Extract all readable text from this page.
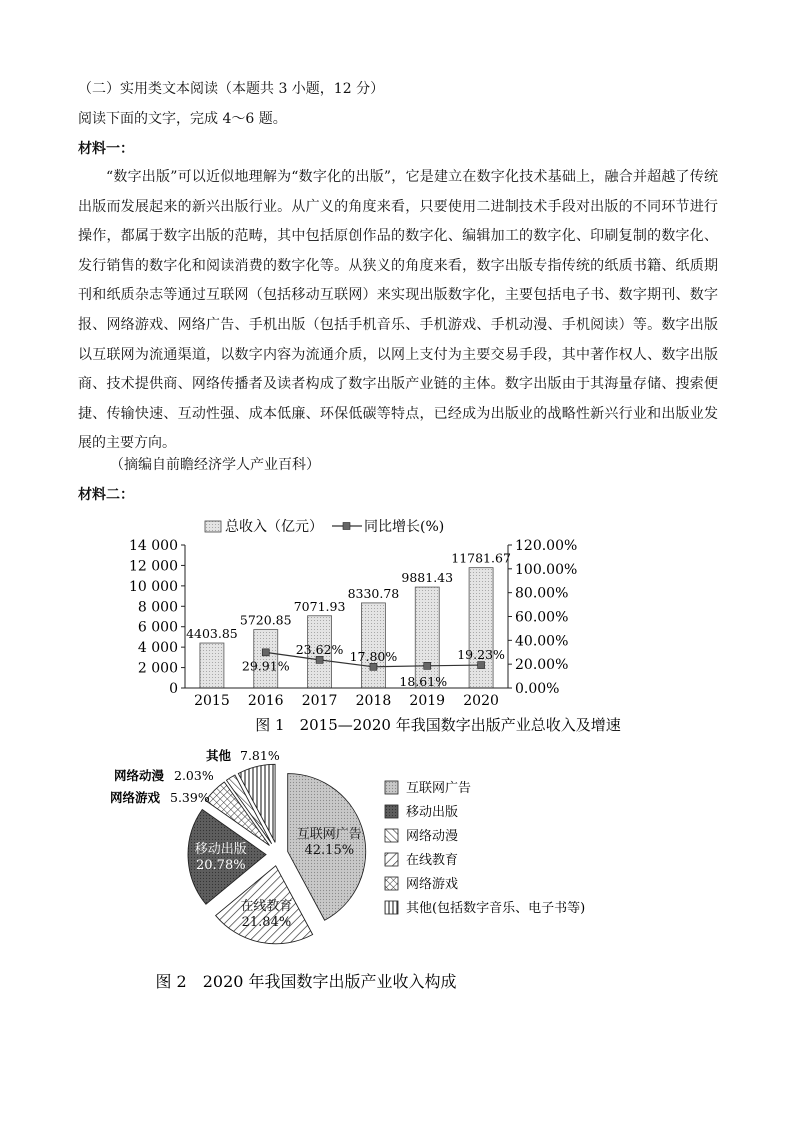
（二）实用类文本阅读（本题共 3 小题，12 分）
阅读下面的文字，完成 4～6 题。
材料一：

“数字出版”可以近似地理解为“数字化的出版”，它是建立在数字化技术基础上，融合并超越了传统出版而发展起来的新兴出版行业。从广义的角度来看，只要使用二进制技术手段对出版的不同环节进行操作，都属于数字出版的范畴，其中包括原创作品的数字化、编辑加工的数字化、印刷复制的数字化、发行销售的数字化和阅读消费的数字化等。从狭义的角度来看，数字出版专指传统的纸质书籍、纸质期刊和纸质杂志等通过互联网（包括移动互联网）来实现出版数字化，主要包括电子书、数字期刊、数字报、网络游戏、网络广告、手机出版（包括手机音乐、手机游戏、手机动漫、手机阅读）等。数字出版以互联网为流通渠道，以数字内容为流通介质，以网上支付为主要交易手段，其中著作权人、数字出版商、技术提供商、网络传播者及读者构成了数字出版产业链的主体。数字出版由于其海量存储、搜索便捷、传输快速、互动性强、成本低廉、环保低碳等特点，已经成为出版业的战略性新兴行业和出版业发展的主要方向。

（摘编自前瞻经济学人产业百科）
材料二：
总收入（亿元）	同比增长(%)
4403.85
5720.85
7071.93
8330.78
9881.43
11781.67
29.91%
23.62% 17.80%
18.61%
19.23%
0
2 000
4 000
6 000
8 000
10 000
12 000
14 000
0.00%
20.00%
40.00%
60.00%
80.00%
100.00%
120.00%
2015 2016 2017 2018 2019 2020
图 1　2015—2020 年我国数字出版产业总收入及增速
互联网广告
42.15%
在线教育
21.84%
移动出版
20.78%
网络游戏 5.39%
网络动漫 2.03%
其他 7.81%
互联网广告
移动出版
网络动漫
在线教育
网络游戏
其他(包括数字音乐、电子书等)
图 2　2020 年我国数字出版产业收入构成
